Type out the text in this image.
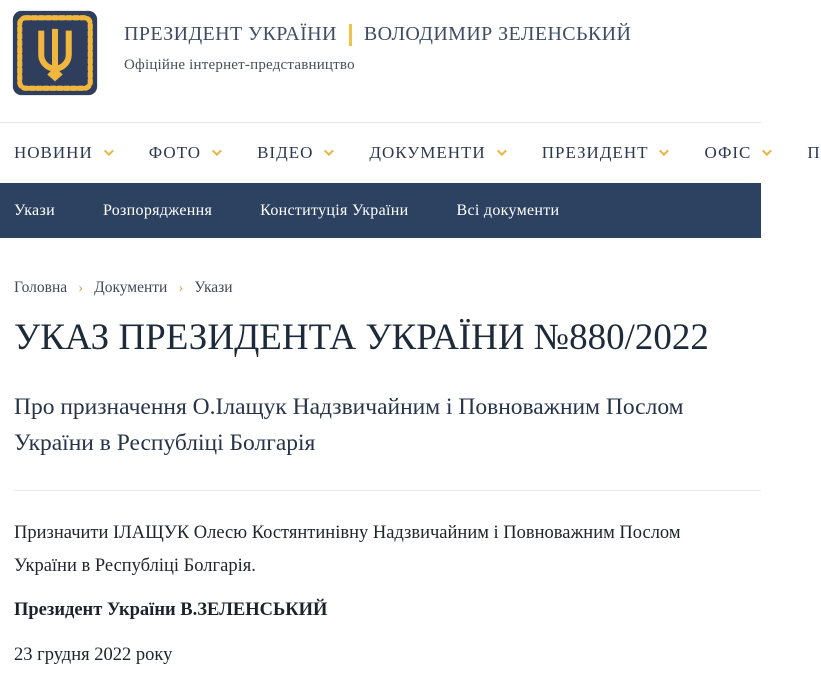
ПРЕЗИДЕНТ УКРАЇНИ ВОЛОДИМИР ЗЕЛЕНСЬКИЙ
Офіційне інтернет-представництво
НОВИНИ	ФОТО	ВІДЕО	ДОКУМЕНТИ	ПРЕЗИДЕНТ	ОФІС	П
Укази	Розпорядження	Конституція України	Всі документи
Головна › Документи › Укази
УКАЗ ПРЕЗИДЕНТА УКРАЇНИ №880/2022
Про призначення О.Ілащук Надзвичайним і Повноважним Послом України в Республіці Болгарія

Призначити ІЛАЩУК Олесю Костянтинівну Надзвичайним і Повноважним Послом України в Республіці Болгарія.

Президент України В.ЗЕЛЕНСЬКИЙ

23 грудня 2022 року
